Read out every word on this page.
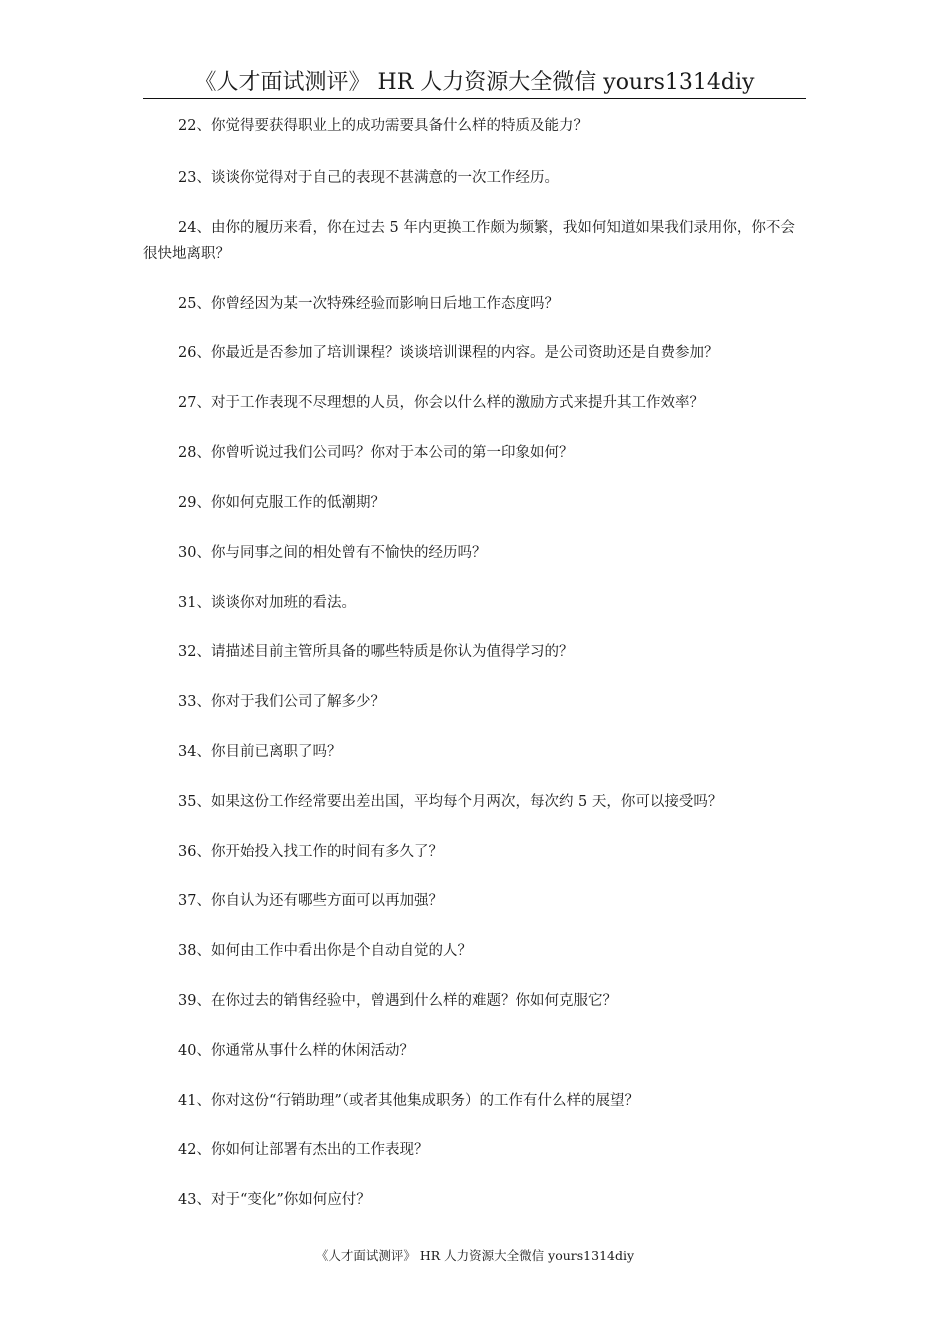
《人才面试测评》 HR 人力资源大全微信 yours1314diy

22、你觉得要获得职业上的成功需要具备什么样的特质及能力？

23、谈谈你觉得对于自己的表现不甚满意的一次工作经历。

24、由你的履历来看，你在过去 5 年内更换工作颇为频繁，我如何知道如果我们录用你，你不会很快地离职？

25、你曾经因为某一次特殊经验而影响日后地工作态度吗？

26、你最近是否参加了培训课程？谈谈培训课程的内容。是公司资助还是自费参加？

27、对于工作表现不尽理想的人员，你会以什么样的激励方式来提升其工作效率？

28、你曾听说过我们公司吗？你对于本公司的第一印象如何？

29、你如何克服工作的低潮期？

30、你与同事之间的相处曾有不愉快的经历吗？

31、谈谈你对加班的看法。

32、请描述目前主管所具备的哪些特质是你认为值得学习的？

33、你对于我们公司了解多少？

34、你目前已离职了吗？

35、如果这份工作经常要出差出国，平均每个月两次，每次约 5 天，你可以接受吗？

36、你开始投入找工作的时间有多久了？

37、你自认为还有哪些方面可以再加强？

38、如何由工作中看出你是个自动自觉的人？

39、在你过去的销售经验中，曾遇到什么样的难题？你如何克服它？

40、你通常从事什么样的休闲活动？

41、你对这份“行销助理”（或者其他集成职务）的工作有什么样的展望？

42、你如何让部署有杰出的工作表现？

43、对于“变化”你如何应付？

《人才面试测评》 HR 人力资源大全微信 yours1314diy
